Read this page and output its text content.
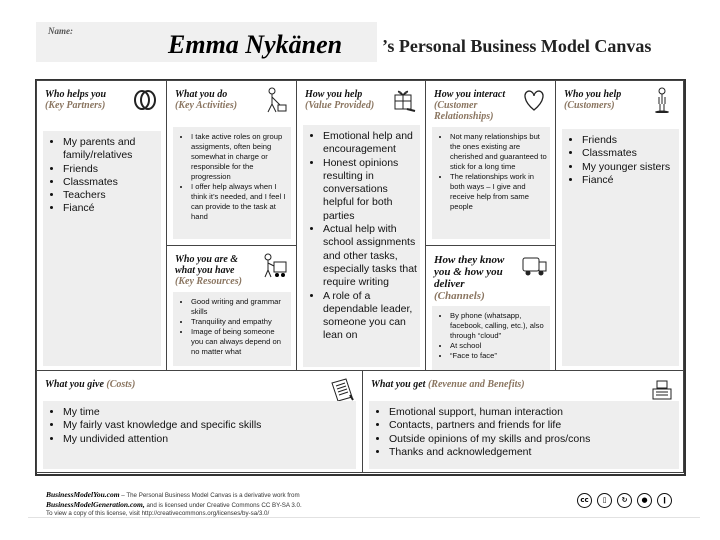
Name:	Emma Nykänen ’s Personal Business Model Canvas
Who helps you
(Key Partners)
• My parents and family/relatives
• Friends
• Classmates
• Teachers
• Fiancé
What you do
(Key Activities)
• I take active roles on group assigments, often being somewhat in charge or responsible for the progression
• I offer help always when I think it’s needed, and I feel I can provide to the task at hand
Who you are & what you have
(Key Resources)
• Good writing and grammar skills
• Tranquility and empathy
• Image of being someone you can always depend on no matter what
How you help
(Value Provided)
• Emotional help and encouragement
• Honest opinions resulting in conversations helpful for both parties
• Actual help with school assignments and other tasks, especially tasks that require writing
• A role of a dependable leader, someone you can lean on
How you interact
(Customer Relationships)
• Not many relationships but the ones existing are cherished and guaranteed to stick for a long time
• The relationships work in both ways – I give and receive help from same people
How they know you & how you deliver (Channels)
• By phone (whatsapp, facebook, calling, etc.), also through “cloud”
• At school
• “Face to face”
Who you help
(Customers)
• Friends
• Classmates
• My younger sisters
• Fiancé
What you give (Costs)
• My time
• My fairly vast knowledge and specific skills
• My undivided attention
What you get (Revenue and Benefits)
• Emotional support, human interaction
• Contacts, partners and friends for life
• Outside opinions of my skills and pros/cons
• Thanks and acknowledgement
BusinessModelYou.com – The Personal Business Model Canvas is a derivative work from
BusinessModelGeneration.com, and is licensed under Creative Commons CC BY-SA 3.0.
To view a copy of this license, visit http://creativecommons.org/licenses/by-sa/3.0/
cc	▯	↻	●	ǀ
